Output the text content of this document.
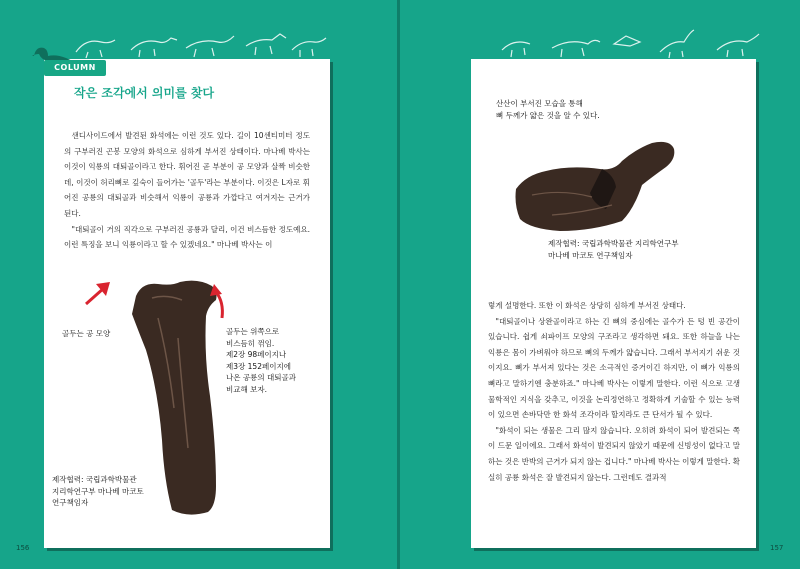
COLUMN
작은 조각에서 의미를 찾다

샌디사이드에서 발견된 화석에는 이런 것도 있다. 길이 10센티미터 정도의 구부러진 곤봉 모양의 화석으로 심하게 부서진 상태이다. 마나베 박사는 이것이 익룡의 대퇴골이라고 한다. 휘어진 곧 부분이 공 모양과 살짝 비슷한데, 이것이 허리뼈로 깊숙이 들어가는 '골두'라는 부분이다. 이것은 L자로 휘어진 공룡의 대퇴골과 비슷해서 익룡이 공룡과 가깝다고 여겨지는 근거가 된다.

"대퇴골이 거의 직각으로 구부러진 공룡과 달리, 이건 비스듬한 정도예요. 이런 특징을 보니 익룡이라고 할 수 있겠네요." 마나베 박사는 이

골두는 공 모양	골두는 위쪽으로
비스듬히 꺾임.
제2장 98페이지나
제3장 152페이지에
나온 공룡의 대퇴골과
비교해 보자.
제작협력: 국립과학박물관
지리학연구부 마나베 마코토
연구책임자
156
산산이 부서진 모습을 통해
뼈 두께가 얇은 것을 알 수 있다.
제작협력: 국립과학박물관 지리학연구부
마나베 마코토 연구책임자

렇게 설명한다. 또한 이 화석은 상당히 심하게 부서진 상태다.

"대퇴골이나 상완골이라고 하는 긴 뼈의 중심에는 골수가 든 텅 빈 공간이 있습니다. 쉽게 쇠파이프 모양의 구조라고 생각하면 돼요. 또한 하늘을 나는 익룡은 몸이 가벼워야 하므로 뼈의 두께가 얇습니다. 그래서 부서지기 쉬운 것이지요. 뼈가 부서져 있다는 것은 소극적인 증거이긴 하지만, 이 뼈가 익룡의 뼈라고 말하기엔 충분하죠." 마나베 박사는 이렇게 말한다. 이런 식으로 고생물학적인 지식을 갖추고, 이것을 논리정연하고 정확하게 기술할 수 있는 능력이 있으면 손바닥만 한 화석 조각이라 할지라도 큰 단서가 될 수 있다.

"화석이 되는 생물은 그리 많지 않습니다. 오히려 화석이 되어 발견되는 쪽이 드문 일이에요. 그래서 화석이 발견되지 않았기 때문에 신빙성이 없다고 말하는 것은 반박의 근거가 되지 않는 겁니다." 마나베 박사는 이렇게 말한다. 확실히 공룡 화석은 잘 발견되지 않는다. 그런데도 결과적

157
